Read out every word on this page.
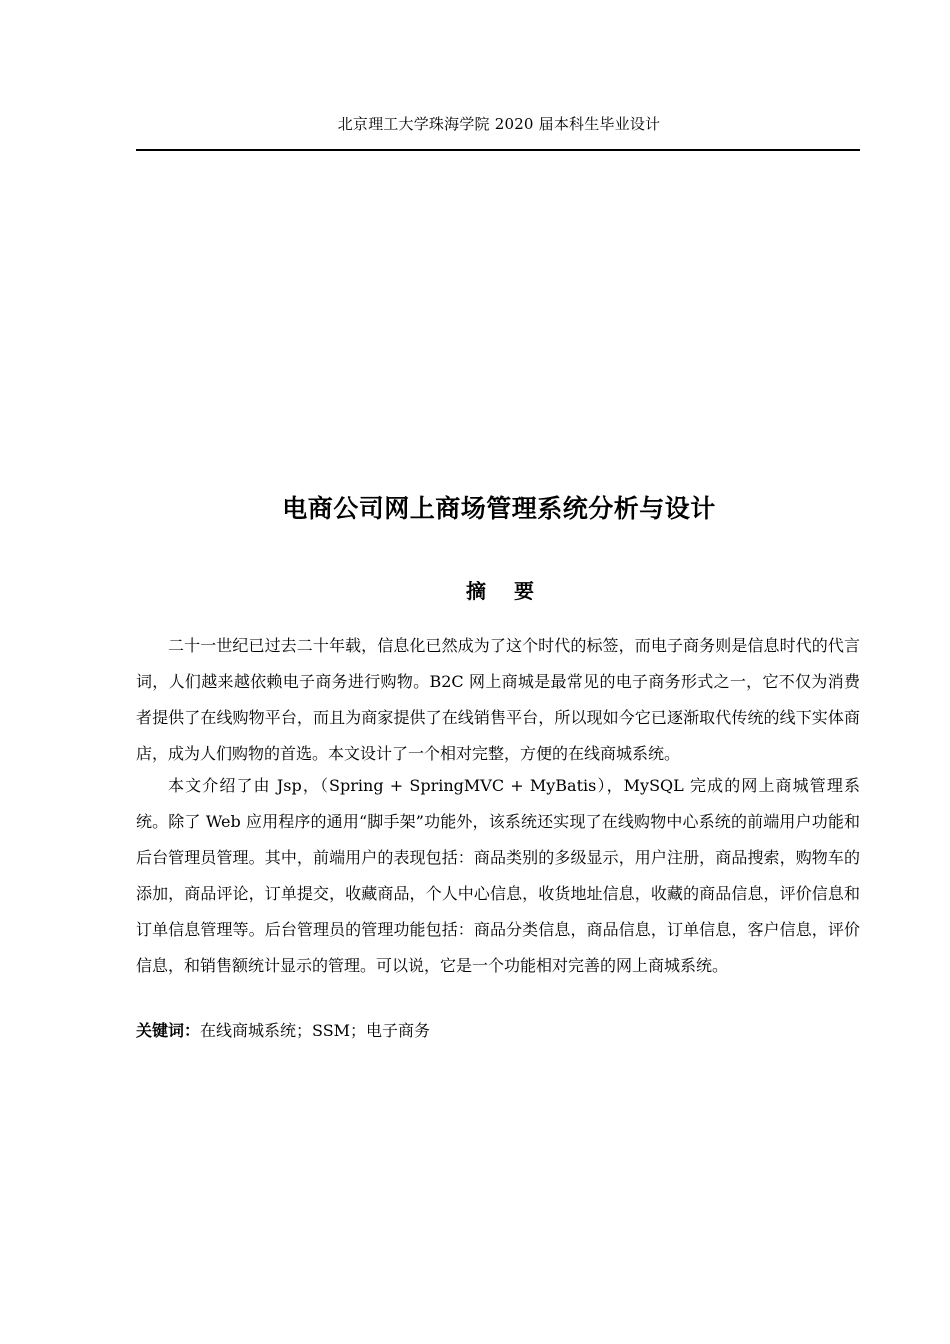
北京理工大学珠海学院 2020 届本科生毕业设计
电商公司网上商场管理系统分析与设计
摘要

二十一世纪已过去二十年载，信息化已然成为了这个时代的标签，而电子商务则是信息时代的代言词，人们越来越依赖电子商务进行购物。B2C 网上商城是最常见的电子商务形式之一，它不仅为消费者提供了在线购物平台，而且为商家提供了在线销售平台，所以现如今它已逐渐取代传统的线下实体商店，成为人们购物的首选。本文设计了一个相对完整，方便的在线商城系统。

本文介绍了由 Jsp，（Spring + SpringMVC + MyBatis），MySQL 完成的网上商城管理系统。除了 Web 应用程序的通用“脚手架”功能外，该系统还实现了在线购物中心系统的前端用户功能和后台管理员管理。其中，前端用户的表现包括：商品类别的多级显示，用户注册，商品搜索，购物车的添加，商品评论，订单提交，收藏商品，个人中心信息，收货地址信息，收藏的商品信息，评价信息和订单信息管理等。后台管理员的管理功能包括：商品分类信息，商品信息，订单信息，客户信息，评价信息，和销售额统计显示的管理。可以说，它是一个功能相对完善的网上商城系统。

关键词：在线商城系统；SSM；电子商务
